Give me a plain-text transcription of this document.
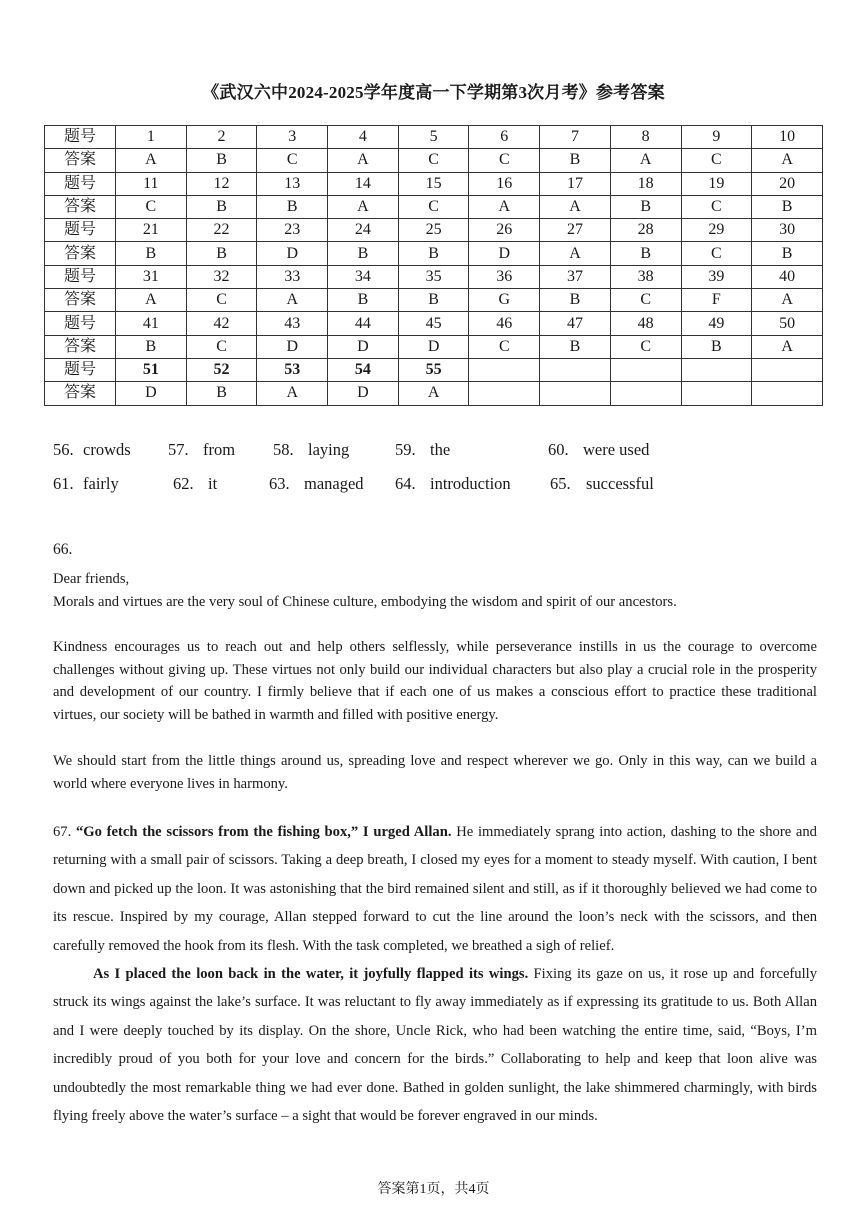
《武汉六中2024-2025学年度高一下学期第3次月考》参考答案
题号	1	2	3	4	5	6	7	8	9	10
答案	A	B	C	A	C	C	B	A	C	A
题号	11	12	13	14	15	16	17	18	19	20
答案	C	B	B	A	C	A	A	B	C	B
题号	21	22	23	24	25	26	27	28	29	30
答案	B	B	D	B	B	D	A	B	C	B
题号	31	32	33	34	35	36	37	38	39	40
答案	A	C	A	B	B	G	B	C	F	A
题号	41	42	43	44	45	46	47	48	49	50
答案	B	C	D	D	D	C	B	C	B	A
题号	51	52	53	54	55					
答案	D	B	A	D	A					
56. crowds 57. from 58. laying	59. the	60. were used
61. fairly	62. it	63. managed 64. introduction 65. successful
66.
Dear friends,
Morals and virtues are the very soul of Chinese culture, embodying the wisdom and spirit of our ancestors.
Kindness encourages us to reach out and help others selflessly, while perseverance instills in us the courage to overcome challenges without giving up. These virtues not only build our individual characters but also play a crucial role in the prosperity and development of our country. I firmly believe that if each one of us makes a conscious effort to practice these traditional virtues, our society will be bathed in warmth and filled with positive energy.
We should start from the little things around us, spreading love and respect wherever we go. Only in this way, can we build a world where everyone lives in harmony.
67. “Go fetch the scissors from the fishing box,” I urged Allan. He immediately sprang into action, dashing to the shore and returning with a small pair of scissors. Taking a deep breath, I closed my eyes for a moment to steady myself. With caution, I bent down and picked up the loon. It was astonishing that the bird remained silent and still, as if it thoroughly believed we had come to its rescue. Inspired by my courage, Allan stepped forward to cut the line around the loon’s neck with the scissors, and then carefully removed the hook from its flesh. With the task completed, we breathed a sigh of relief.
As I placed the loon back in the water, it joyfully flapped its wings. Fixing its gaze on us, it rose up and forcefully struck its wings against the lake’s surface. It was reluctant to fly away immediately as if expressing its gratitude to us. Both Allan and I were deeply touched by its display. On the shore, Uncle Rick, who had been watching the entire time, said, “Boys, I’m incredibly proud of you both for your love and concern for the birds.” Collaborating to help and keep that loon alive was undoubtedly the most remarkable thing we had ever done. Bathed in golden sunlight, the lake shimmered charmingly, with birds flying freely above the water’s surface – a sight that would be forever engraved in our minds.
答案第1页，共4页
